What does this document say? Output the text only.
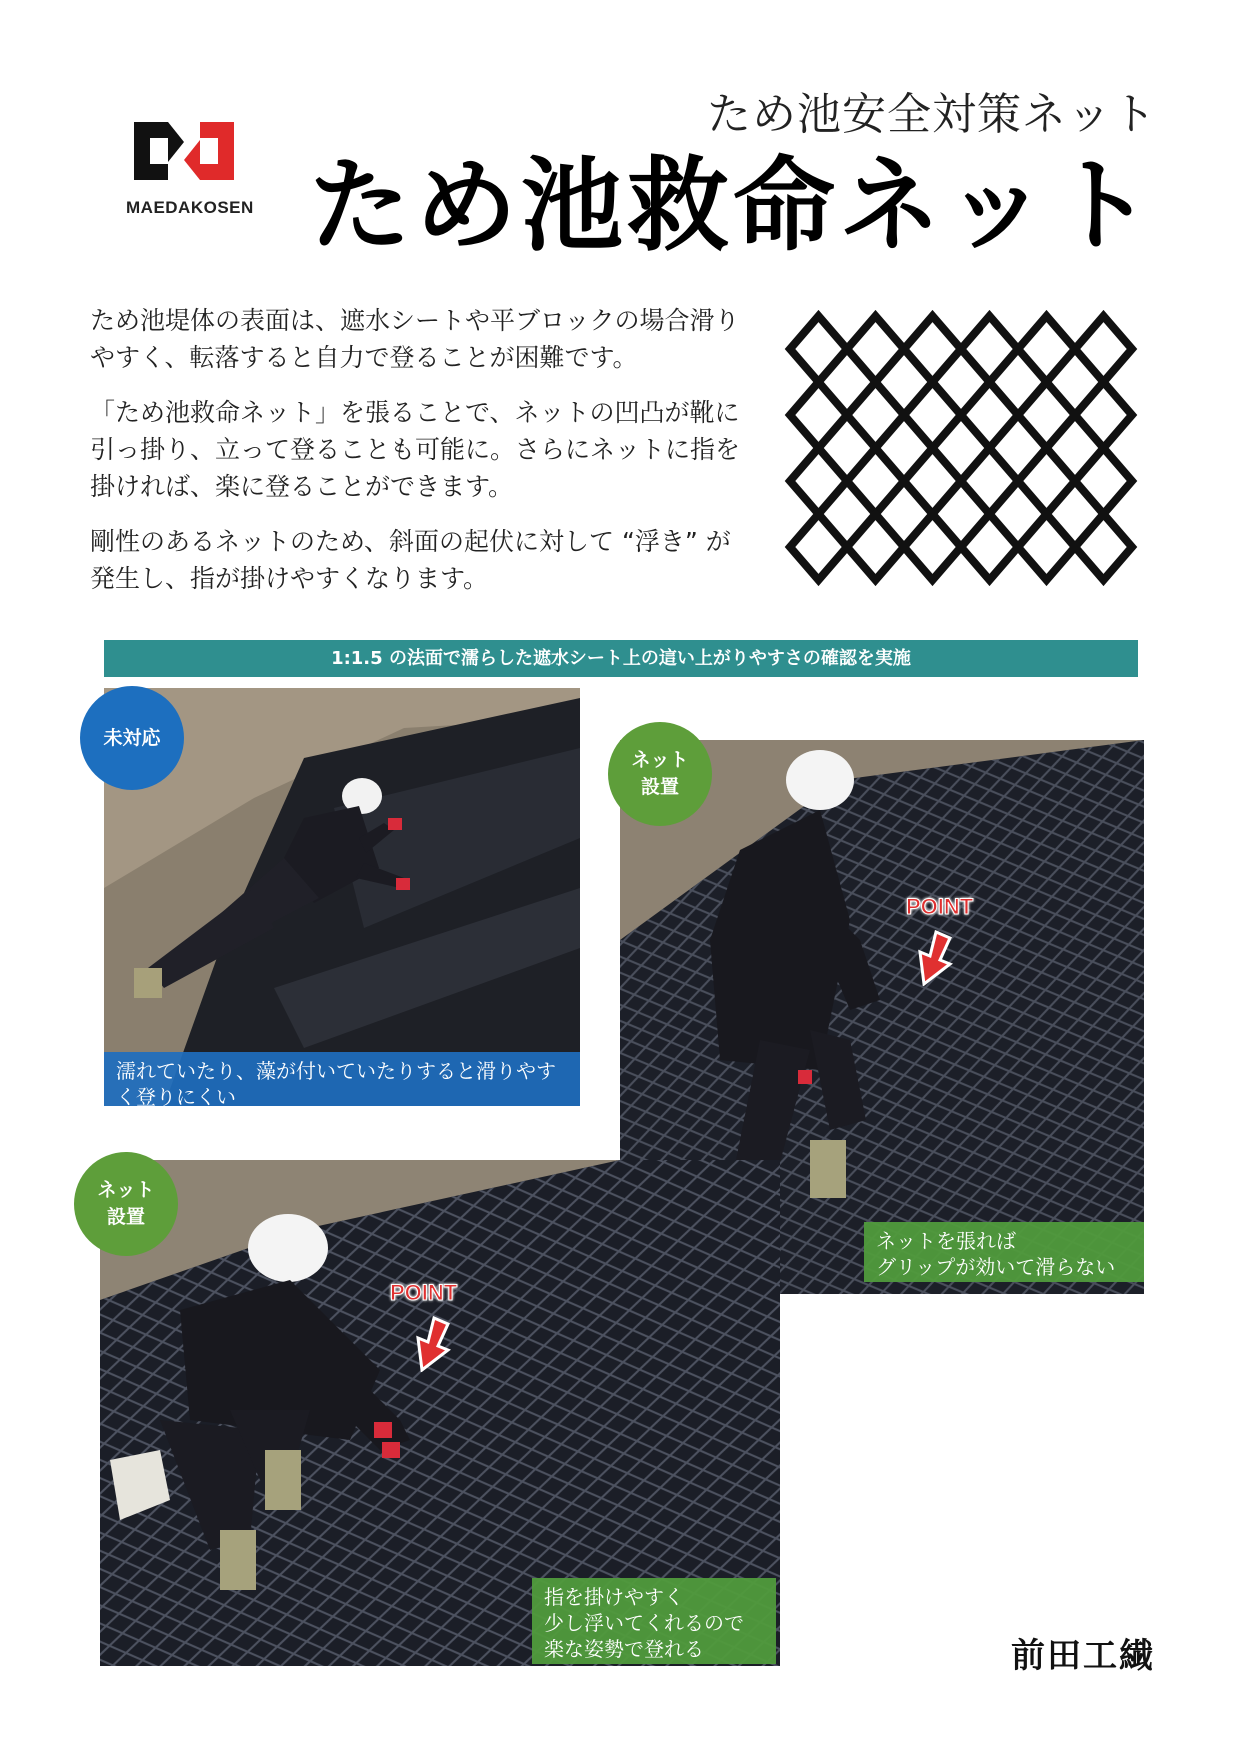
MAEDAKOSEN
ため池安全対策ネット
ため池救命ネット

ため池堤体の表面は、遮水シートや平ブロックの場合滑りやすく、転落すると自力で登ることが困難です。

「ため池救命ネット」を張ることで、ネットの凹凸が靴に引っ掛り、立って登ることも可能に。さらにネットに指を掛ければ、楽に登ることができます。

剛性のあるネットのため、斜面の起伏に対して “浮き” が発生し、指が掛けやすくなります。

1:1.5 の法面で濡らした遮水シート上の這い上がりやすさの確認を実施
未対応
濡れていたり、藻が付いていたりすると滑りやすく登りにくい
ネット
設置
POINT
ネットを張れば
グリップが効いて滑らない
ネット
設置
POINT
指を掛けやすく
少し浮いてくれるので
楽な姿勢で登れる	前田工繊
